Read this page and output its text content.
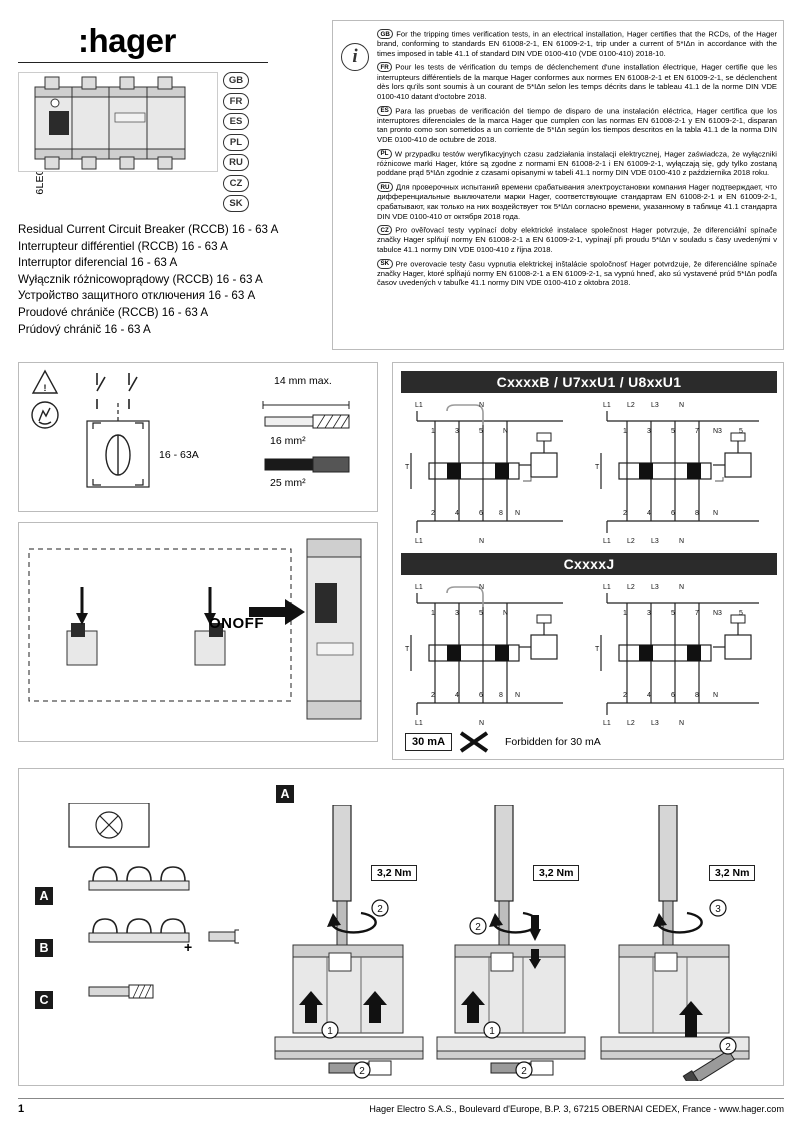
:hager
GB
FR
ES
PL
RU
CZ
SK
Residual Current Circuit Breaker (RCCB) 16 - 63 A
Interrupteur différentiel (RCCB) 16 - 63 A
Interruptor diferencial 16 - 63 A
Wyłącznik różnicowoprądowy (RCCB) 16 - 63 A
Устройство защитного отключения 16 - 63 A
Proudové chrániče (RCCB) 16 - 63 A
Prúdový chránič 16 - 63 A
i
GB For the tripping times verification tests, in an electrical installation, Hager certifies that the RCDs, of the Hager brand, conforming to standards EN 61008-2-1, EN 61009-2-1, trip under a current of 5*IΔn in accordance with the times imposed in table 41.1 of standard DIN VDE 0100-410 (VDE 0100-410) 2018-10.
FR Pour les tests de vérification du temps de déclenchement d'une installation électrique, Hager certifie que les interrupteurs différentiels de la marque Hager conformes aux normes EN 61008-2-1 et EN 61009-2-1, se déclenchent dès lors qu'ils sont soumis à un courant de 5*IΔn selon les temps décrits dans le tableau 41.1 de la norme DIN VDE 0100-410 datant d'octobre 2018.
ES Para las pruebas de verificación del tiempo de disparo de una instalación eléctrica, Hager certifica que los interruptores diferenciales de la marca Hager que cumplen con las normas EN 61008-2-1 y EN 61009-2-1, disparan tan pronto como son sometidos a un corriente de 5*IΔn según los tiempos descritos en la tabla 41.1 de la norma DIN VDE 0100-410 de octubre de 2018.
PL W przypadku testów weryfikacyjnych czasu zadziałania instalacji elektrycznej, Hager zaświadcza, że wyłączniki różnicowe marki Hager, które są zgodne z normami EN 61008-2-1 i EN 61009-2-1, wyłączają się, gdy tylko zostaną poddane prąd 5*IΔn zgodnie z czasami opisanymi w tabeli 41.1 normy DIN VDE 0100-410 z października 2018 roku.
RU Для проверочных испытаний времени срабатывания электроустановки компания Hager подтверждает, что дифференциальные выключатели марки Hager, соответствующие стандартам EN 61008-2-1 и EN 61009-2-1, срабатывают, как только на них воздействует ток 5*IΔn согласно времени, указанному в таблице 41.1 стандарта DIN VDE 0100-410 от октября 2018 года.
CZ Pro ověřovací testy vypínací doby elektrické instalace společnost Hager potvrzuje, že diferenciální spínače značky Hager splňují normy EN 61008-2-1 a EN 61009-2-1, vypínají při proudu 5*IΔn v souladu s časy uvedenými v tabulce 41.1 normy DIN VDE 0100-410 z října 2018.
SK Pre overovacie testy času vypnutia elektrickej inštalácie spoločnosť Hager potvrdzuje, že diferenciálne spínače značky Hager, ktoré spĺňajú normy EN 61008-2-1 a EN 61009-2-1, sa vypnú hneď, ako sú vystavené prúd 5*IΔn podľa časov uvedených v tabuľke 41.1 normy DIN VDE 0100-410 z oktobra 2018.
!
16 - 63A
14 mm max.
16 mm²
25 mm²
ONOFF
CxxxxB / U7xxU1 / U8xxU1
CxxxxJ
L1	N
1	3	5	N
T
2	4	6 8 N
L1	N
L1 L2 L3	N
1	3	5	7 N3 5
T
2	4	6	8 N
L1 L2 L3	N
L1	N
1	3	5	N
T
2	4	6 8 N
L1	N
L1 L2 L3	N
1	3	5	7 N3 5
T
2	4	6	8 N
L1 L2 L3	N
30 mA	Forbidden for 30 mA
A
B
C
+
A
3,2 Nm
1
2
2
3,2 Nm
1
2
2
3,2 Nm
3
2
1	Hager Electro S.A.S., Boulevard d'Europe, B.P. 3, 67215 OBERNAI CEDEX, France - www.hager.com
